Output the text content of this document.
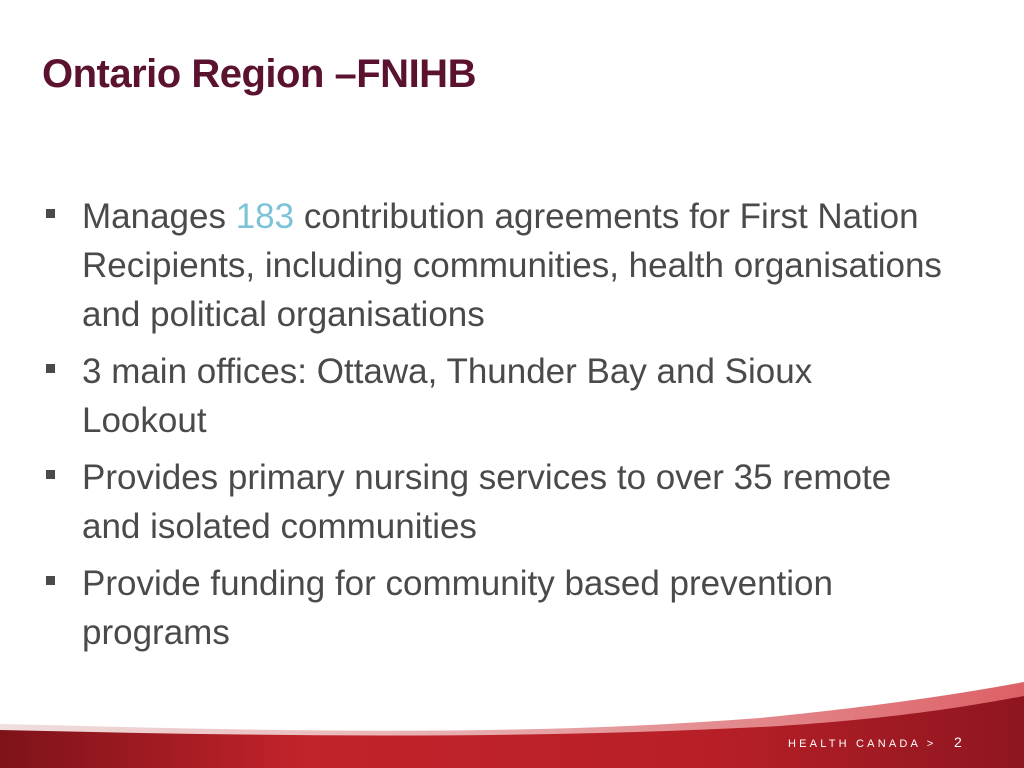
Ontario Region –FNIHB
Manages 183 contribution agreements for First Nation Recipients, including communities, health organisations and political organisations
3 main offices: Ottawa, Thunder Bay and Sioux Lookout
Provides primary nursing services to over 35 remote and isolated communities
Provide funding for community based prevention programs
HEALTH CANADA > 2
